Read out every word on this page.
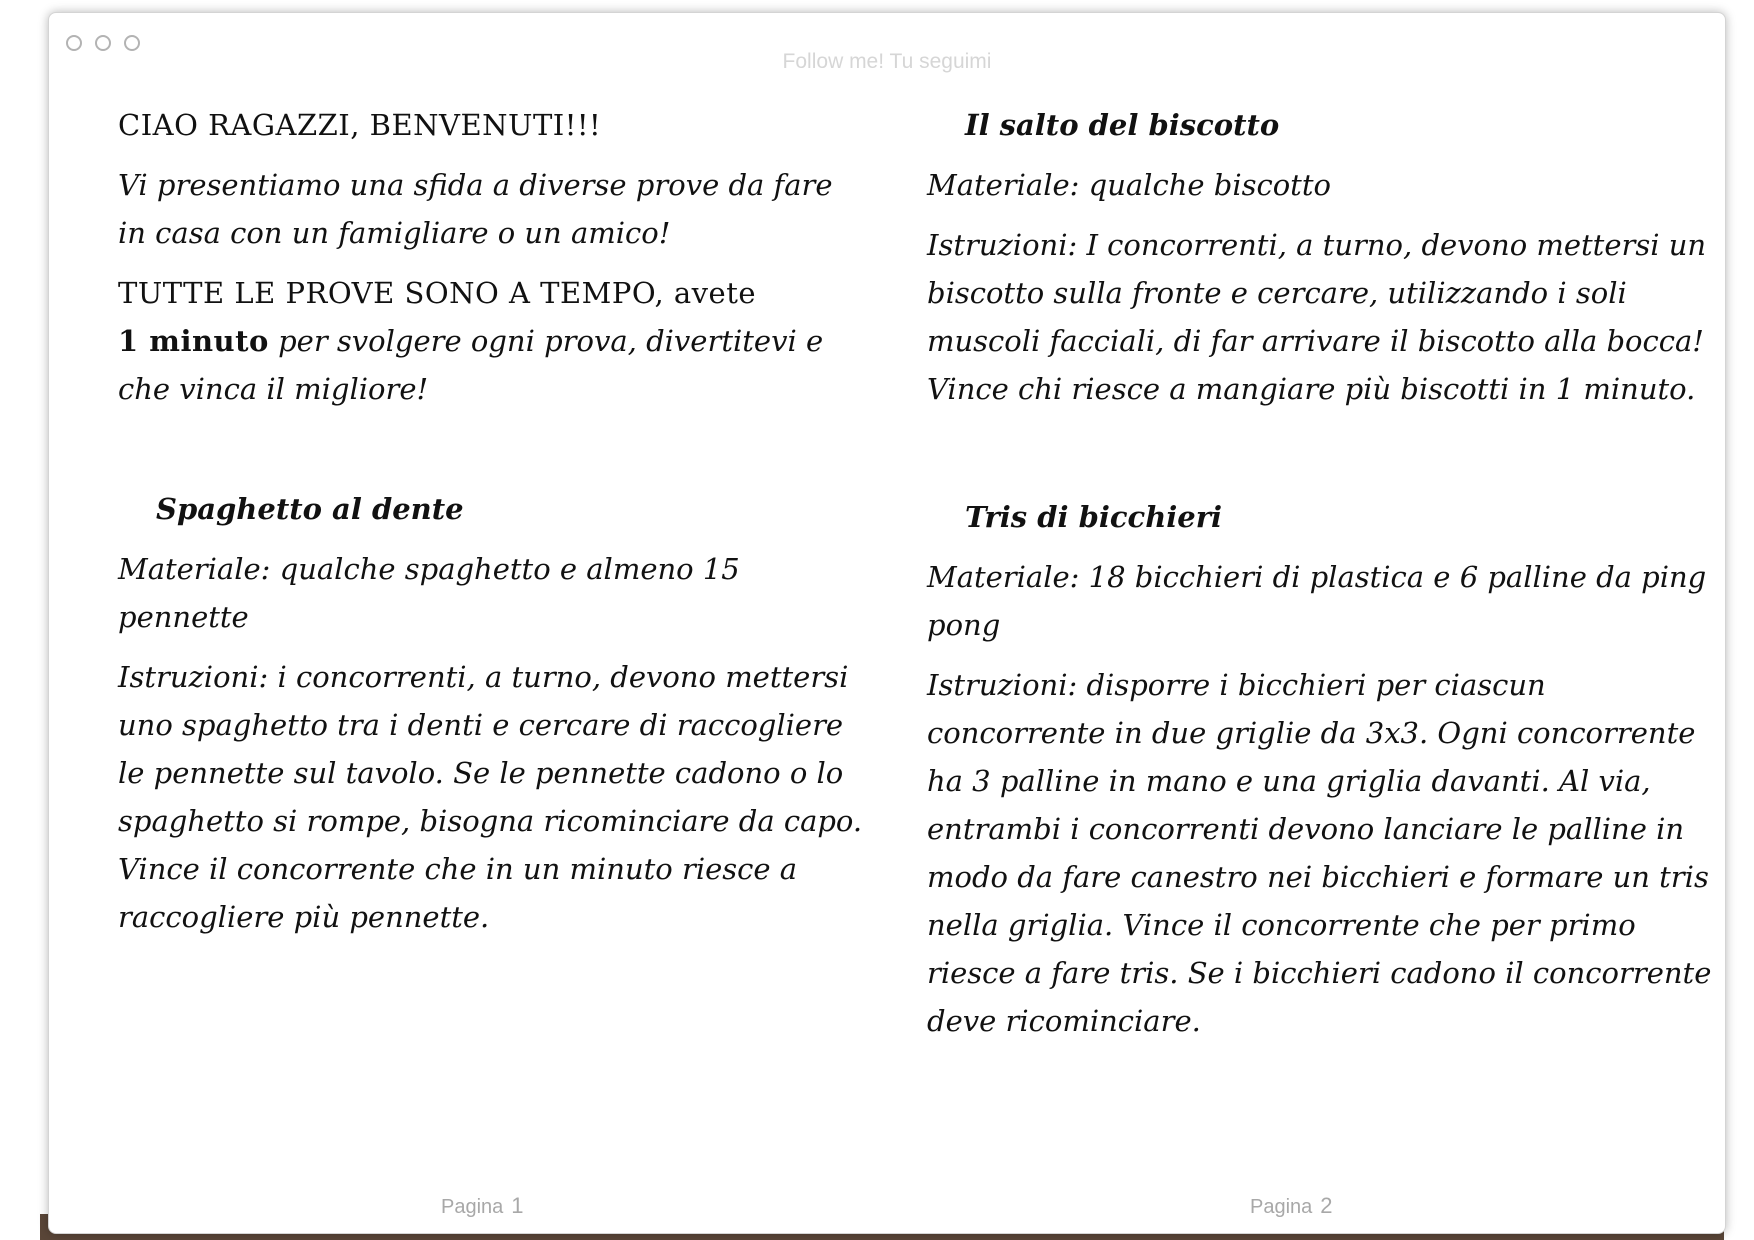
Follow me! Tu seguimi

CIAO RAGAZZI, BENVENUTI!!!

Vi presentiamo una sfida a diverse prove da fare in casa con un famigliare o un amico!

TUTTE LE PROVE SONO A TEMPO, avete
1 minuto per svolgere ogni prova, divertitevi e che vinca il migliore!

Spaghetto al dente

Materiale: qualche spaghetto e almeno 15 pennette

Istruzioni: i concorrenti, a turno, devono mettersi uno spaghetto tra i denti e cercare di raccogliere le pennette sul tavolo. Se le pennette cadono o lo spaghetto si rompe, bisogna ricominciare da capo. Vince il concorrente che in un minuto riesce a raccogliere più pennette.

Il salto del biscotto

Materiale: qualche biscotto

Istruzioni: I concorrenti, a turno, devono mettersi un biscotto sulla fronte e cercare, utilizzando i soli muscoli facciali, di far arrivare il biscotto alla bocca! Vince chi riesce a mangiare più biscotti in 1 minuto.

Tris di bicchieri

Materiale: 18 bicchieri di plastica e 6 palline da ping pong

Istruzioni: disporre i bicchieri per ciascun concorrente in due griglie da 3x3. Ogni concorrente ha 3 palline in mano e una griglia davanti. Al via, entrambi i concorrenti devono lanciare le palline in modo da fare canestro nei bicchieri e formare un tris nella griglia. Vince il concorrente che per primo riesce a fare tris. Se i bicchieri cadono il concorrente deve ricominciare.

Pagina 1	Pagina 2
